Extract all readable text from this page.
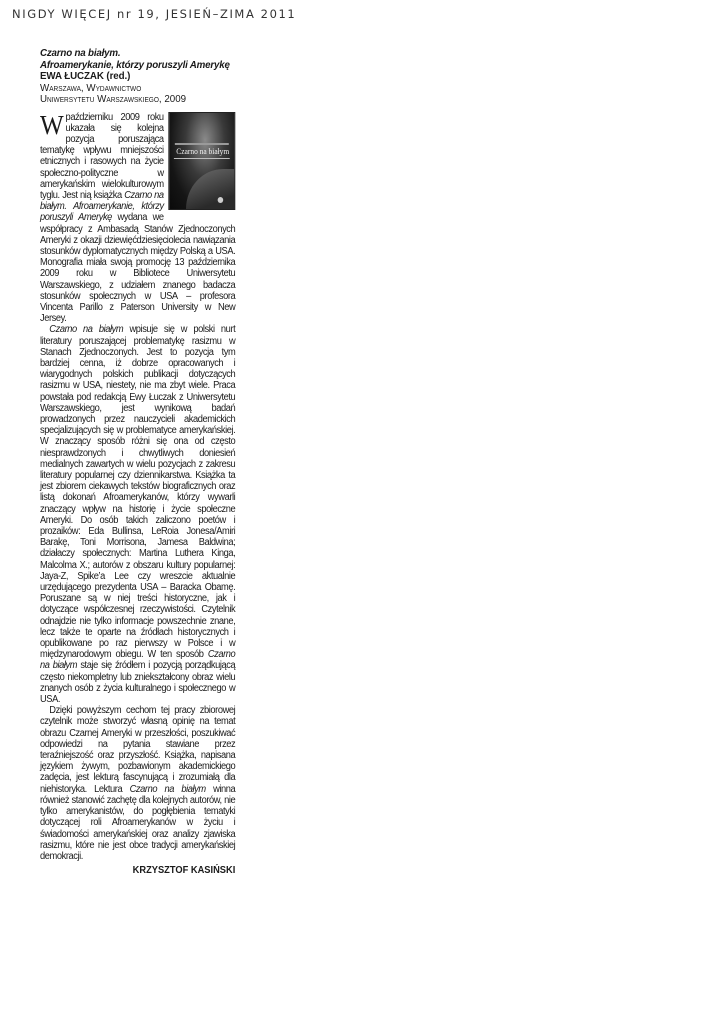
NIGDY WIĘCEJ nr 19, JESIEŃ–ZIMA 2011
Czarno na białym.
Afroamerykanie, którzy poruszyli Amerykę
EWA ŁUCZAK (red.)
Warszawa, Wydawnictwo
Uniwersytetu Warszawskiego, 2009
Czarno na białym

W październiku 2009 roku ukazała się kolejna pozycja poruszająca tematykę wpływu mniejszości etnicznych i rasowych na życie społeczno-polityczne w amerykańskim wielokulturowym tyglu. Jest nią książka Czarno na białym. Afroamerykanie, którzy poruszyli Amerykę wydana we współpracy z Ambasadą Stanów Zjednoczonych Ameryki z okazji dziewięćdziesięciolecia nawiązania stosunków dyplomatycznych między Polską a USA. Monografia miała swoją promocję 13 października 2009 roku w Bibliotece Uniwersytetu Warszawskiego, z udziałem znanego badacza stosunków społecznych w USA – profesora Vincenta Parillo z Paterson University w New Jersey.

Czarno na białym wpisuje się w polski nurt literatury poruszającej problematykę rasizmu w Stanach Zjednoczonych. Jest to pozycja tym bardziej cenna, iż dobrze opracowanych i wiarygodnych polskich publikacji dotyczących rasizmu w USA, niestety, nie ma zbyt wiele. Praca powstała pod redakcją Ewy Łuczak z Uniwersytetu Warszawskiego, jest wynikową badań prowadzonych przez nauczycieli akademickich specjalizujących się w problematyce amerykańskiej. W znaczący sposób różni się ona od często niesprawdzonych i chwytliwych doniesień medialnych zawartych w wielu pozycjach z zakresu literatury popularnej czy dziennikarstwa. Książka ta jest zbiorem ciekawych tekstów biograficznych oraz listą dokonań Afroamerykanów, którzy wywarli znaczący wpływ na historię i życie społeczne Ameryki. Do osób takich zaliczono poetów i prozaików: Eda Bullinsa, LeRoia Jonesa/Amiri Barakę, Toni Morrisona, Jamesa Baldwina; działaczy społecznych: Martina Luthera Kinga, Malcolma X.; autorów z obszaru kultury popularnej: Jaya-Z, Spike’a Lee czy wreszcie aktualnie urzędującego prezydenta USA – Baracka Obamę. Poruszane są w niej treści historyczne, jak i dotyczące współczesnej rzeczywistości. Czytelnik odnajdzie nie tylko informacje powszechnie znane, lecz także te oparte na źródłach historycznych i opublikowane po raz pierwszy w Polsce i w międzynarodowym obiegu. W ten sposób Czarno na białym staje się źródłem i pozycją porządkującą często niekompletny lub zniekształcony obraz wielu znanych osób z życia kulturalnego i społecznego w USA.

Dzięki powyższym cechom tej pracy zbiorowej czytelnik może stworzyć własną opinię na temat obrazu Czarnej Ameryki w przeszłości, poszukiwać odpowiedzi na pytania stawiane przez teraźniejszość oraz przyszłość. Książka, napisana językiem żywym, pozbawionym akademickiego zadęcia, jest lekturą fascynującą i zrozumiałą dla niehistoryka. Lektura Czarno na białym winna również stanowić zachętę dla kolejnych autorów, nie tylko amerykanistów, do pogłębienia tematyki dotyczącej roli Afroamerykanów w życiu i świadomości amerykańskiej oraz analizy zjawiska rasizmu, które nie jest obce tradycji amerykańskiej demokracji.

KRZYSZTOF KASIŃSKI
